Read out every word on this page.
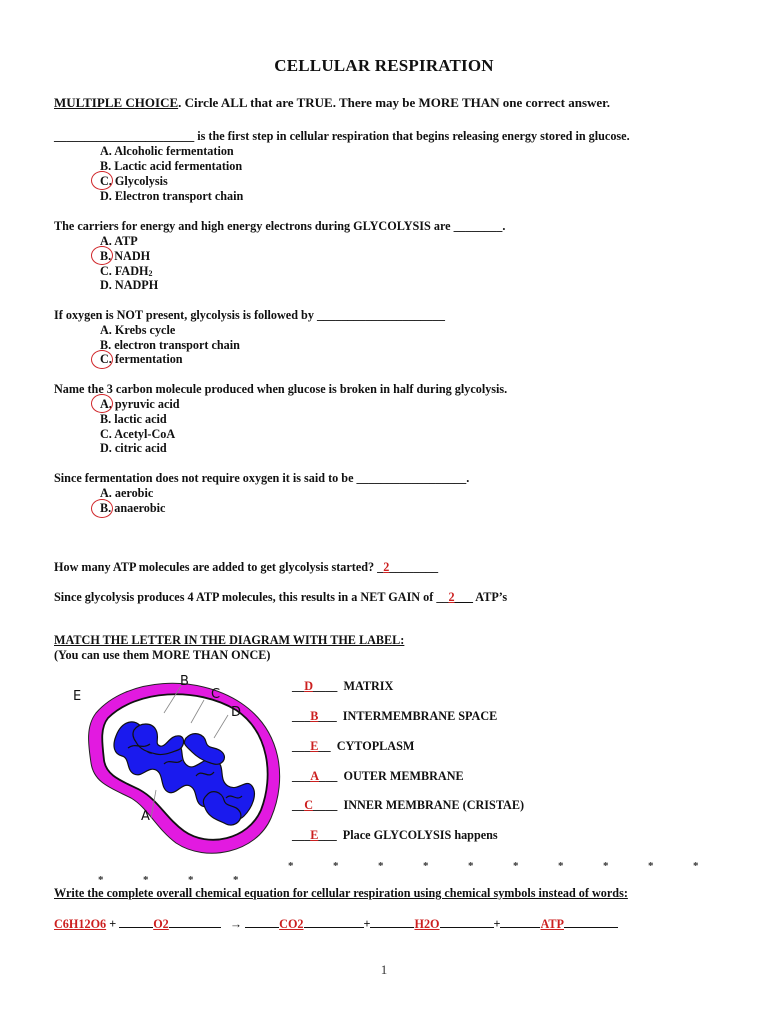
CELLULAR RESPIRATION
MULTIPLE CHOICE. Circle ALL that are TRUE. There may be MORE THAN one correct answer.
_______________________ is the first step in cellular respiration that begins releasing energy stored in glucose.
A. Alcoholic fermentation
B. Lactic acid fermentation
C. Glycolysis
D. Electron transport chain
The carriers for energy and high energy electrons during GLYCOLYSIS are ________.
A. ATP
B. NADH
C. FADH2
D. NADPH
If oxygen is NOT present, glycolysis is followed by _____________________
A. Krebs cycle
B. electron transport chain
C. fermentation
Name the 3 carbon molecule produced when glucose is broken in half during glycolysis.
A. pyruvic acid
B. lactic acid
C. Acetyl-CoA
D. citric acid
Since fermentation does not require oxygen it is said to be __________________.
A. aerobic
B. anaerobic
How many ATP molecules are added to get glycolysis started? _2________
Since glycolysis produces 4 ATP molecules, this results in a NET GAIN of __2___ ATP’s
MATCH THE LETTER IN THE DIAGRAM WITH THE LABEL:
(You can use them MORE THAN ONCE)
E
B
C
D
A
__D____ MATRIX
___B___ INTERMEMBRANE SPACE
___E__ CYTOPLASM
___A___ OUTER MEMBRANE
__C____ INNER MEMBRANE (CRISTAE)
___E___ Place GLYCOLYSIS happens
*	*	*	*	*	*	*	*	*	*
*	*	*	*
Write the complete overall chemical equation for cellular respiration using chemical symbols instead of words:
C6H12O6 +	O2	→	CO2	+	H2O	+	ATP
1
